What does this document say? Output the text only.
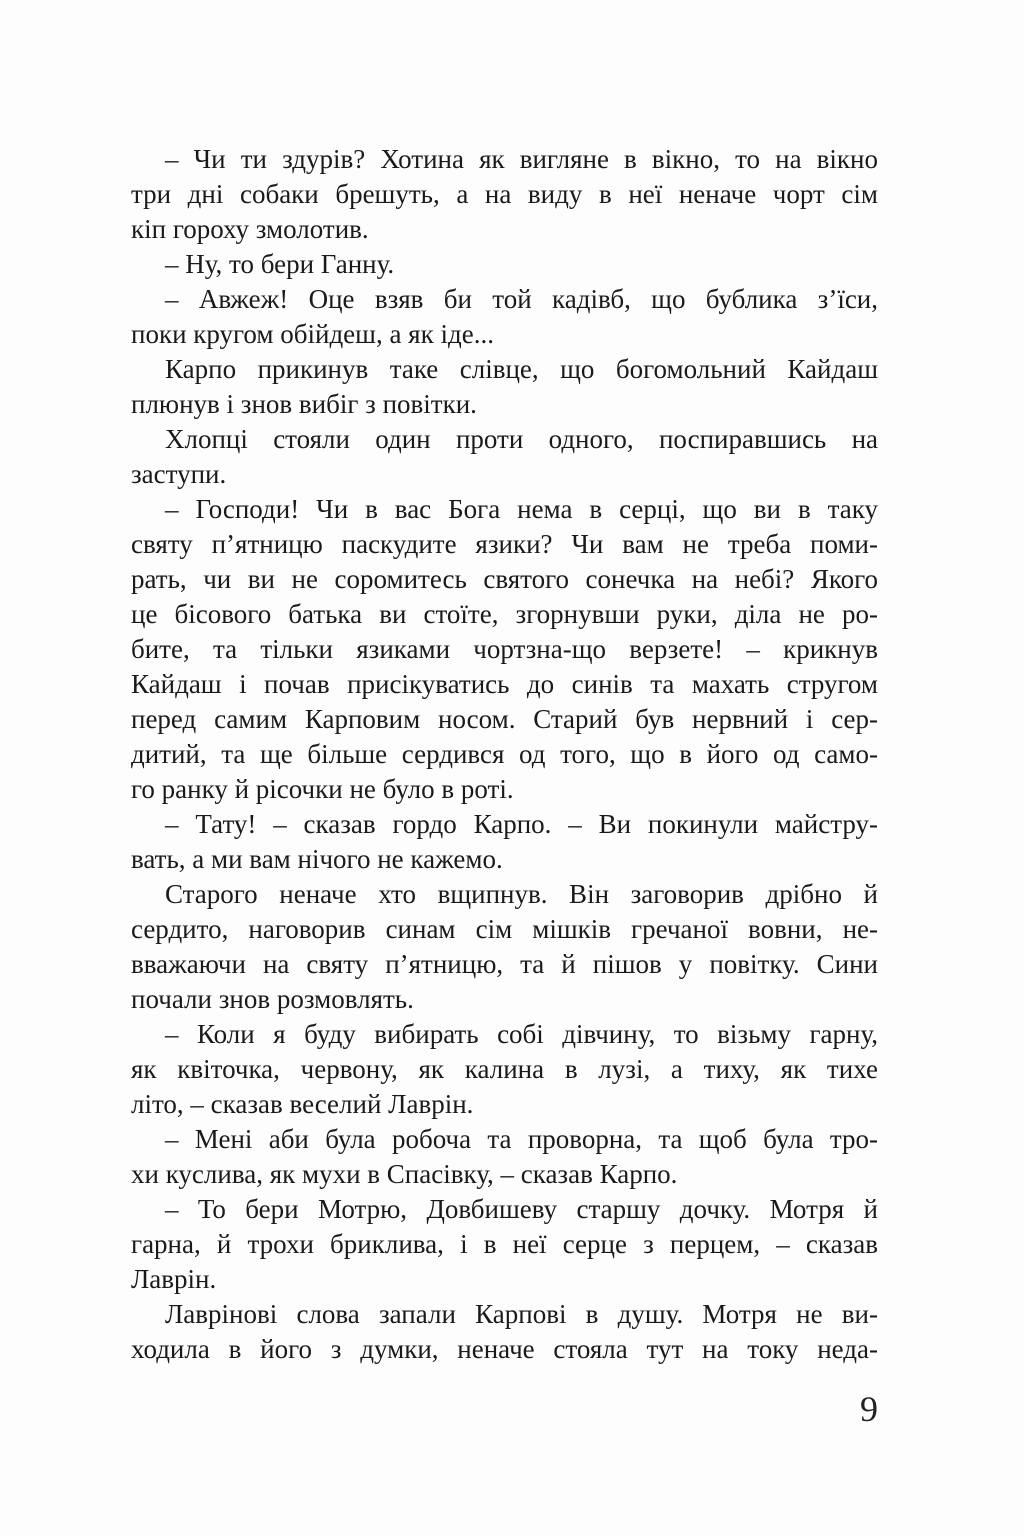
– Чи ти здурів? Хотина як вигляне в вікно, то на вікно
три дні собаки брешуть, а на виду в неї неначе чорт сім
кіп гороху змолотив.
– Ну, то бери Ганну.
– Авжеж! Оце взяв би той кадівб, що бублика з’їси,
поки кругом обійдеш, а як іде...
Карпо прикинув таке слівце, що богомольний Кайдаш
плюнув і знов вибіг з повітки.
Хлопці стояли один проти одного, поспиравшись на
заступи.
– Господи! Чи в вас Бога нема в серці, що ви в таку
святу п’ятницю паскудите язики? Чи вам не треба поми-
рать, чи ви не соромитесь святого сонечка на небі? Якого
це бісового батька ви стоїте, згорнувши руки, діла не ро-
бите, та тільки язиками чортзна-що верзете! – крикнув
Кайдаш і почав присікуватись до синів та махать стругом
перед самим Карповим носом. Старий був нервний і сер-
дитий, та ще більше сердився од того, що в його од само-
го ранку й рісочки не було в роті.
– Тату! – сказав гордо Карпо. – Ви покинули майстру-
вать, а ми вам нічого не кажемо.
Старого неначе хто вщипнув. Він заговорив дрібно й
сердито, наговорив синам сім мішків гречаної вовни, не-
вважаючи на святу п’ятницю, та й пішов у повітку. Сини
почали знов розмовлять.
– Коли я буду вибирать собі дівчину, то візьму гарну,
як квіточка, червону, як калина в лузі, а тиху, як тихе
літо, – сказав веселий Лаврін.
– Мені аби була робоча та проворна, та щоб була тро-
хи куслива, як мухи в Спасівку, – сказав Карпо.
– То бери Мотрю, Довбишеву старшу дочку. Мотря й
гарна, й трохи бриклива, і в неї серце з перцем, – сказав
Лаврін.
Лаврінові слова запали Карпові в душу. Мотря не ви-
ходила в його з думки, неначе стояла тут на току неда-
9
